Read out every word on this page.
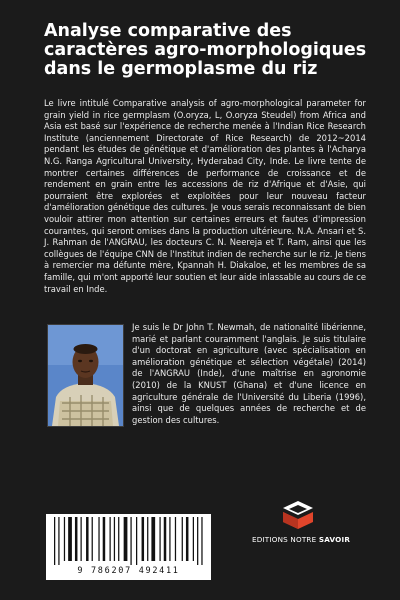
Analyse comparative des
caractères agro-morphologiques
dans le germoplasme du riz

Le livre intitulé Comparative analysis of agro-morphological parameter for grain yield in rice germplasm (O.oryza, L, O.oryza Steudel) from Africa and Asia est basé sur l'expérience de recherche menée à l'Indian Rice Research Institute (anciennement Directorate of Rice Research) de 2012~2014 pendant les études de génétique et d'amélioration des plantes à l'Acharya N.G. Ranga Agricultural University, Hyderabad City, Inde. Le livre tente de montrer certaines différences de performance de croissance et de rendement en grain entre les accessions de riz d'Afrique et d'Asie, qui pourraient être explorées et exploitées pour leur nouveau facteur d'amélioration génétique des cultures. Je vous serais reconnaissant de bien vouloir attirer mon attention sur certaines erreurs et fautes d'impression courantes, qui seront omises dans la production ultérieure. N.A. Ansari et S. J. Rahman de l'ANGRAU, les docteurs C. N. Neereja et T. Ram, ainsi que les collègues de l'équipe CNN de l'Institut indien de recherche sur le riz. Je tiens à remercier ma défunte mère, Kpannah H. Diakaloe, et les membres de sa famille, qui m'ont apporté leur soutien et leur aide inlassable au cours de ce travail en Inde.

Je suis le Dr John T. Newmah, de nationalité libérienne, marié et parlant couramment l'anglais. Je suis titulaire d'un doctorat en agriculture (avec spécialisation en amélioration génétique et sélection végétale) (2014) de l'ANGRAU (Inde), d'une maîtrise en agronomie (2010) de la KNUST (Ghana) et d'une licence en agriculture générale de l'Université du Liberia (1996), ainsi que de quelques années de recherche et de gestion des cultures.

EDITIONS NOTRE SAVOIR
9 786207 492411
